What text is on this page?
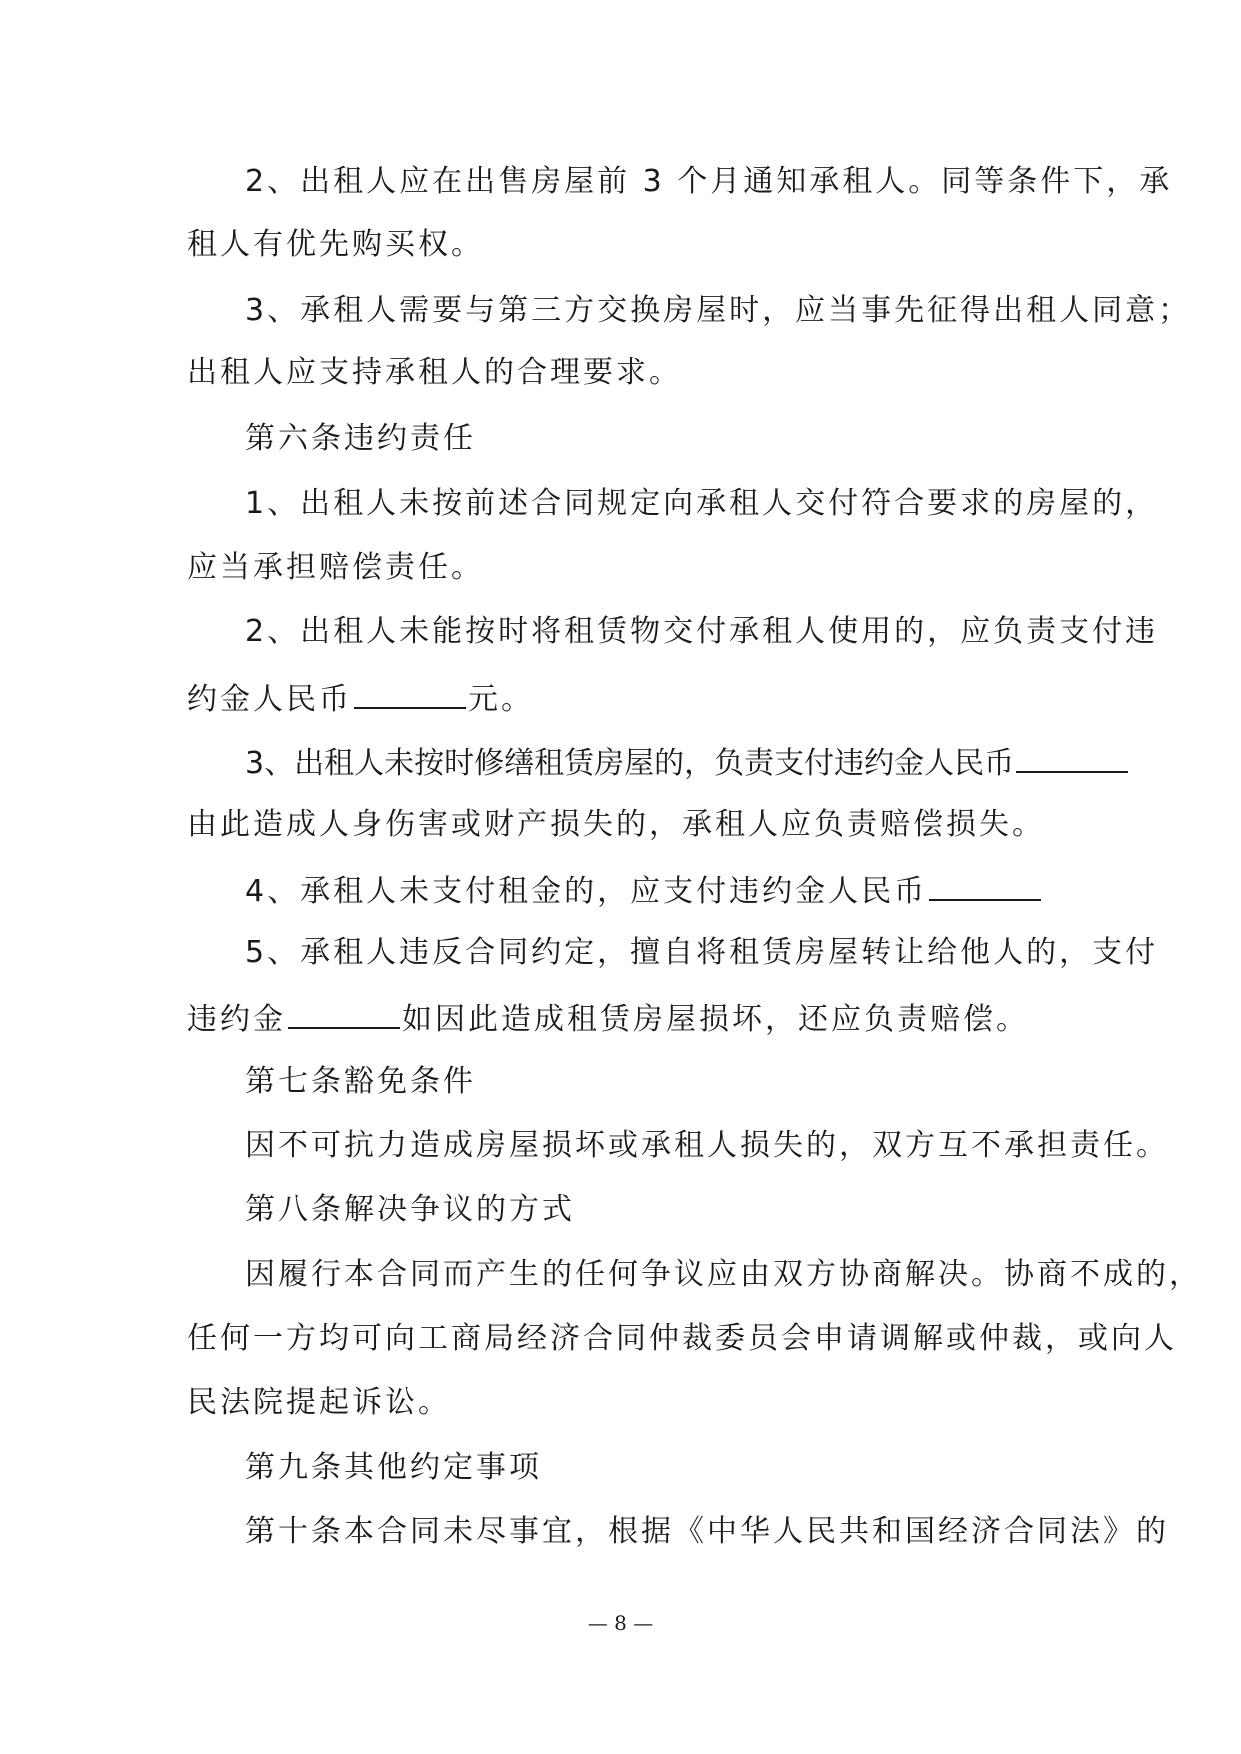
2、出租人应在出售房屋前 3 个月通知承租人。同等条件下，承
租人有优先购买权。
3、承租人需要与第三方交换房屋时，应当事先征得出租人同意；
出租人应支持承租人的合理要求。
第六条违约责任
1、出租人未按前述合同规定向承租人交付符合要求的房屋的，
应当承担赔偿责任。
2、出租人未能按时将租赁物交付承租人使用的，应负责支付违
约金人民币	元。
3、出租人未按时修缮租赁房屋的，负责支付违约金人民币
由此造成人身伤害或财产损失的，承租人应负责赔偿损失。
4、承租人未支付租金的，应支付违约金人民币
5、承租人违反合同约定，擅自将租赁房屋转让给他人的，支付
违约金	如因此造成租赁房屋损坏，还应负责赔偿。
第七条豁免条件
因不可抗力造成房屋损坏或承租人损失的，双方互不承担责任。
第八条解决争议的方式
因履行本合同而产生的任何争议应由双方协商解决。协商不成的，
任何一方均可向工商局经济合同仲裁委员会申请调解或仲裁，或向人
民法院提起诉讼。
第九条其他约定事项
第十条本合同未尽事宜，根据《中华人民共和国经济合同法》的
— 8 —
